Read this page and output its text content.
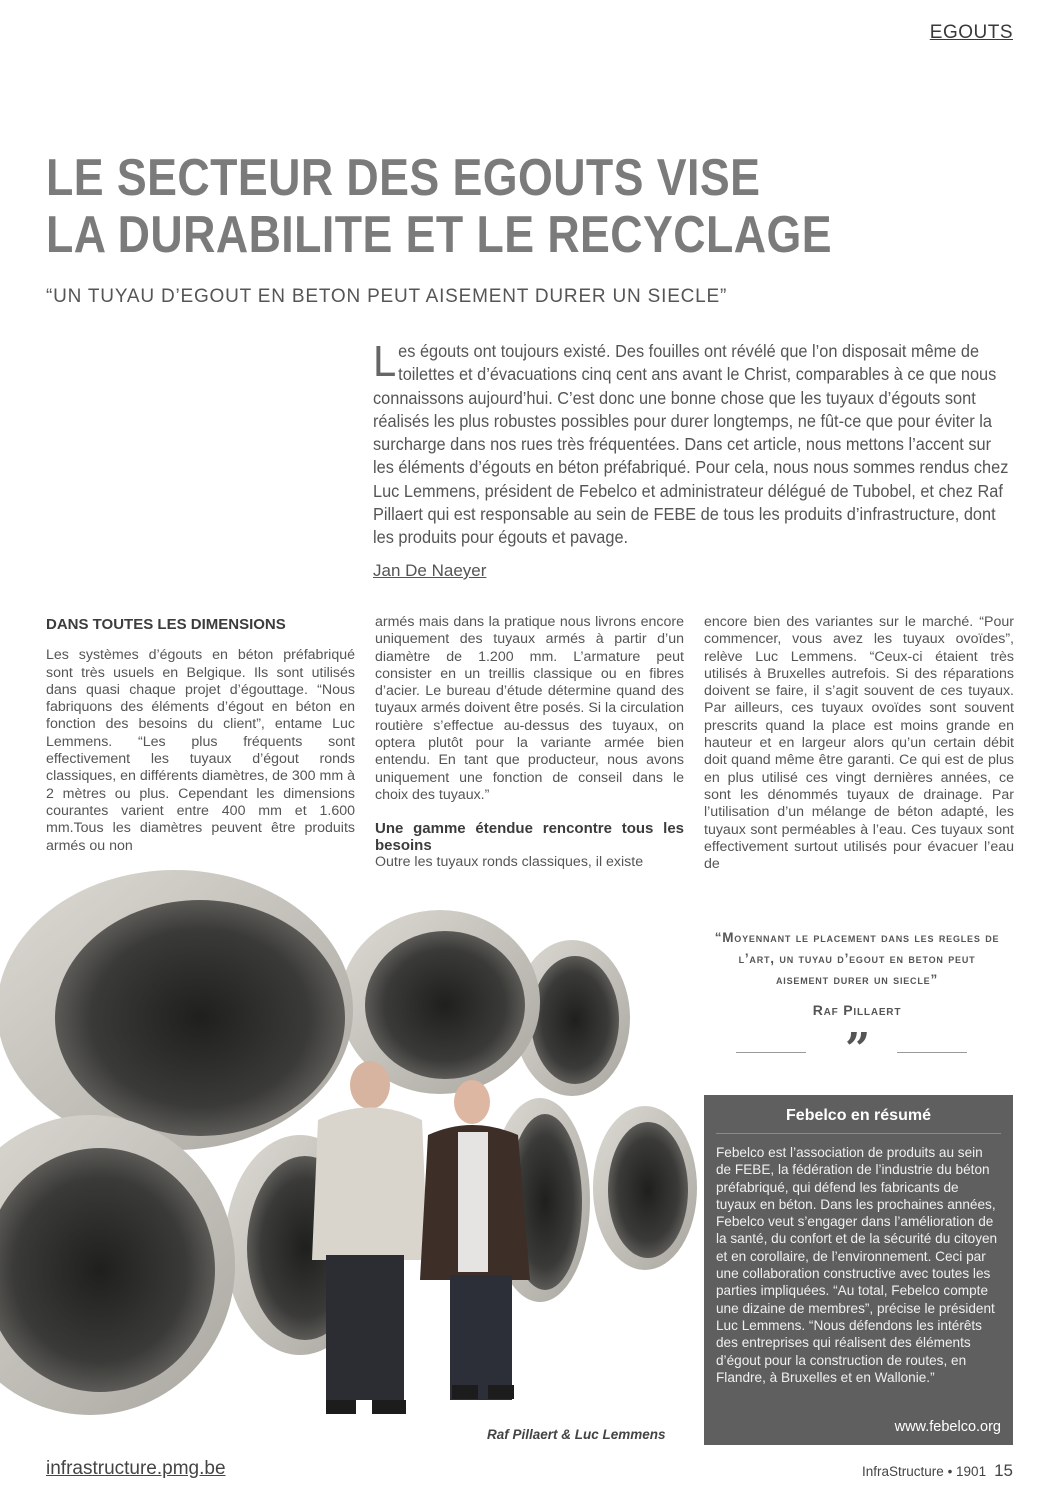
EGOUTS
LE SECTEUR DES EGOUTS VISE
LA DURABILITE ET LE RECYCLAGE
“UN TUYAU D’EGOUT EN BETON PEUT AISEMENT DURER UN SIECLE”
Les égouts ont toujours existé. Des fouilles ont révélé que l’on disposait même de toilettes et d’évacuations cinq cent ans avant le Christ, comparables à ce que nous connaissons aujourd’hui. C’est donc une bonne chose que les tuyaux d’égouts sont réalisés les plus robustes possibles pour durer longtemps, ne fût-ce que pour éviter la surcharge dans nos rues très fréquentées. Dans cet article, nous mettons l’accent sur les éléments d’égouts en béton préfabriqué. Pour cela, nous nous sommes rendus chez Luc Lemmens, président de Febelco et administrateur délégué de Tubobel, et chez Raf Pillaert qui est responsable au sein de FEBE de tous les produits d’infrastructure, dont les produits pour égouts et pavage.
Jan De Naeyer
DANS TOUTES LES DIMENSIONS

Les systèmes d’égouts en béton préfabriqué sont très usuels en Belgique. Ils sont utilisés dans quasi chaque projet d’égouttage. “Nous fabriquons des éléments d’égout en béton en fonction des besoins du client”, entame Luc Lemmens. “Les plus fréquents sont effectivement les tuyaux d’égout ronds classiques, en différents diamètres, de 300 mm à 2 mètres ou plus. Cependant les dimensions courantes varient entre 400 mm et 1.600 mm.Tous les diamètres peuvent être produits armés ou non

armés mais dans la pratique nous livrons encore uniquement des tuyaux armés à partir d’un diamètre de 1.200 mm. L’armature peut consister en un treillis classique ou en fibres d’acier. Le bureau d’étude détermine quand des tuyaux armés doivent être posés. Si la circulation routière s’effectue au-dessus des tuyaux, on optera plutôt pour la variante armée bien entendu. En tant que producteur, nous avons uniquement une fonction de conseil dans le choix des tuyaux.”

Une gamme étendue rencontre tous les besoins

Outre les tuyaux ronds classiques, il existe

encore bien des variantes sur le marché. “Pour commencer, vous avez les tuyaux ovoïdes”, relève Luc Lemmens. “Ceux-ci étaient très utilisés à Bruxelles autrefois. Si des réparations doivent se faire, il s’agit souvent de ces tuyaux. Par ailleurs, ces tuyaux ovoïdes sont souvent prescrits quand la place est moins grande en hauteur et en largeur alors qu’un certain débit doit quand même être garanti. Ce qui est de plus en plus utilisé ces vingt dernières années, ce sont les dénommés tuyaux de drainage. Par l’utilisation d’un mélange de béton adapté, les tuyaux sont perméables à l’eau. Ces tuyaux sont effectivement surtout utilisés pour évacuer l’eau de

Raf Pillaert & Luc Lemmens
“Moyennant le placement dans les regles de l’art, un tuyau d’egout en beton peut aisement durer un siecle”
Raf Pillaert
”
Febelco en résumé

Febelco est l’association de produits au sein de FEBE, la fédération de l’industrie du béton préfabriqué, qui défend les fabricants de tuyaux en béton. Dans les prochaines années, Febelco veut s’engager dans l’amélioration de la santé, du confort et de la sécurité du citoyen et en corollaire, de l’environnement. Ceci par une collaboration constructive avec toutes les parties impliquées. “Au total, Febelco compte une dizaine de membres”, précise le président Luc Lemmens. “Nous défendons les intérêts des entreprises qui réalisent des éléments d’égout pour la construction de routes, en Flandre, à Bruxelles et en Wallonie.”

www.febelco.org
infrastructure.pmg.be	InfraStructure • 1901 15
